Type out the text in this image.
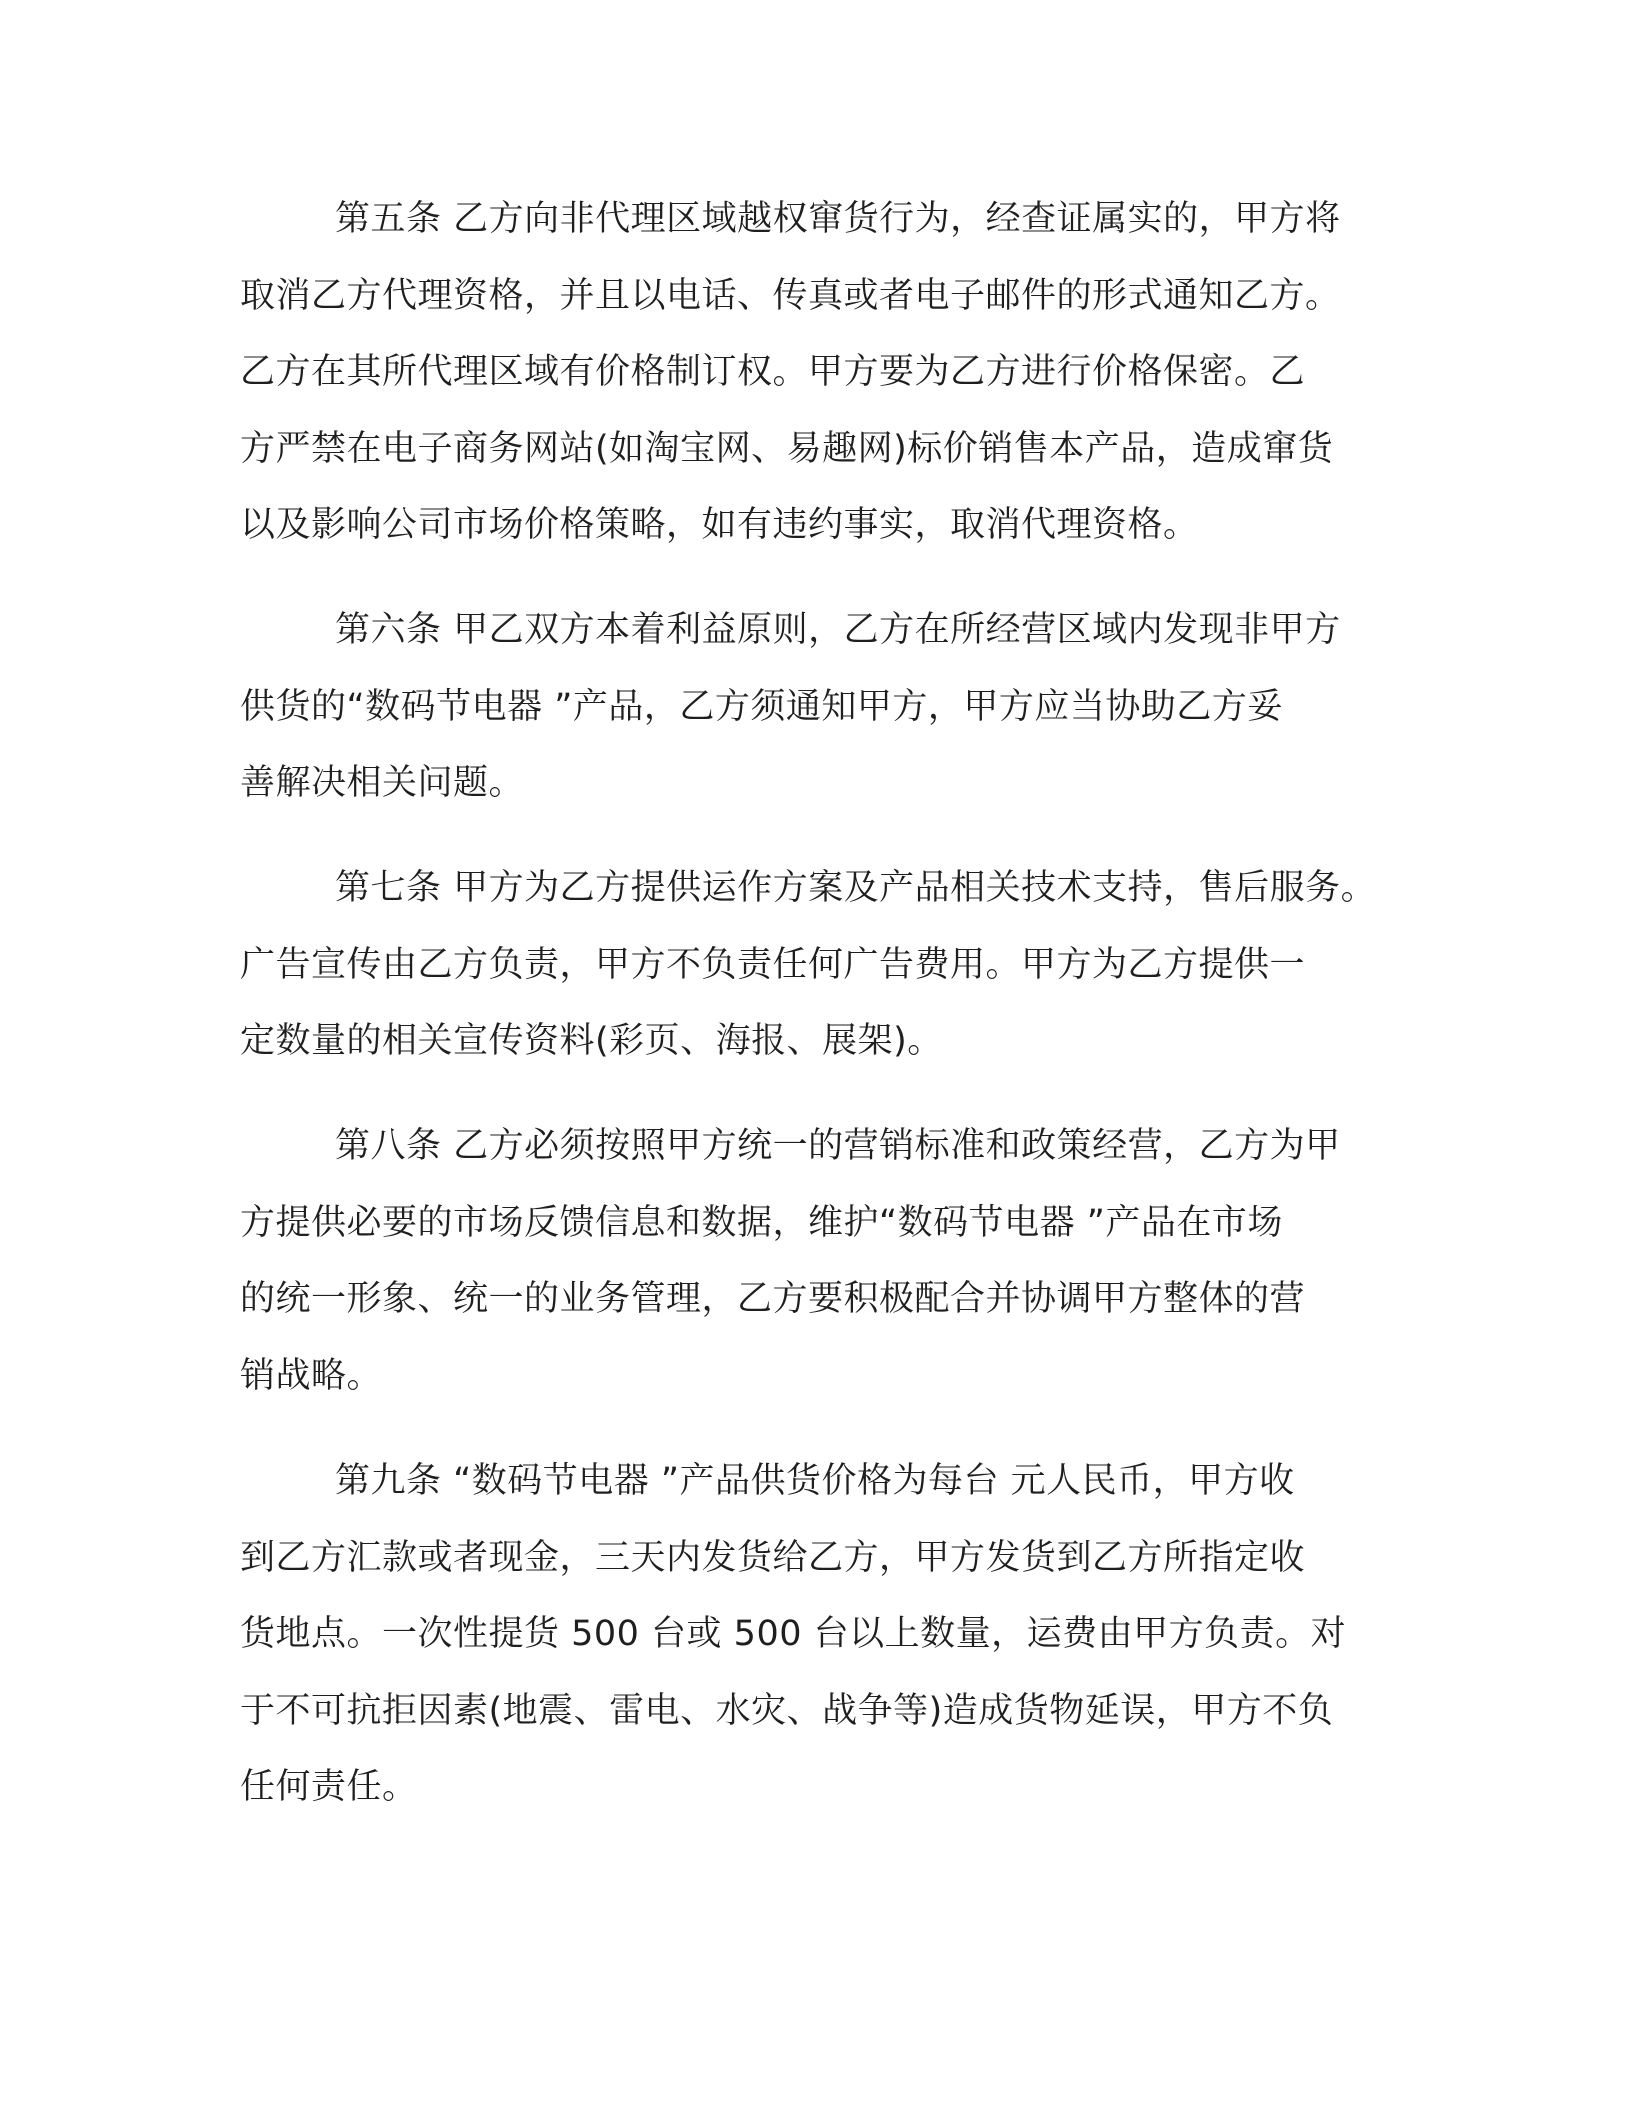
第五条 乙方向非代理区域越权窜货行为，经查证属实的，甲方将
取消乙方代理资格，并且以电话、传真或者电子邮件的形式通知乙方。
乙方在其所代理区域有价格制订权。甲方要为乙方进行价格保密。乙
方严禁在电子商务网站(如淘宝网、易趣网)标价销售本产品，造成窜货
以及影响公司市场价格策略，如有违约事实，取消代理资格。
第六条 甲乙双方本着利益原则，乙方在所经营区域内发现非甲方
供货的“数码节电器 ”产品，乙方须通知甲方，甲方应当协助乙方妥
善解决相关问题。
第七条 甲方为乙方提供运作方案及产品相关技术支持，售后服务。
广告宣传由乙方负责，甲方不负责任何广告费用。甲方为乙方提供一
定数量的相关宣传资料(彩页、海报、展架)。
第八条 乙方必须按照甲方统一的营销标准和政策经营，乙方为甲
方提供必要的市场反馈信息和数据，维护“数码节电器 ”产品在市场
的统一形象、统一的业务管理，乙方要积极配合并协调甲方整体的营
销战略。
第九条 “数码节电器 ”产品供货价格为每台 元人民币，甲方收
到乙方汇款或者现金，三天内发货给乙方，甲方发货到乙方所指定收
货地点。一次性提货 500 台或 500 台以上数量，运费由甲方负责。对
于不可抗拒因素(地震、雷电、水灾、战争等)造成货物延误，甲方不负
任何责任。
